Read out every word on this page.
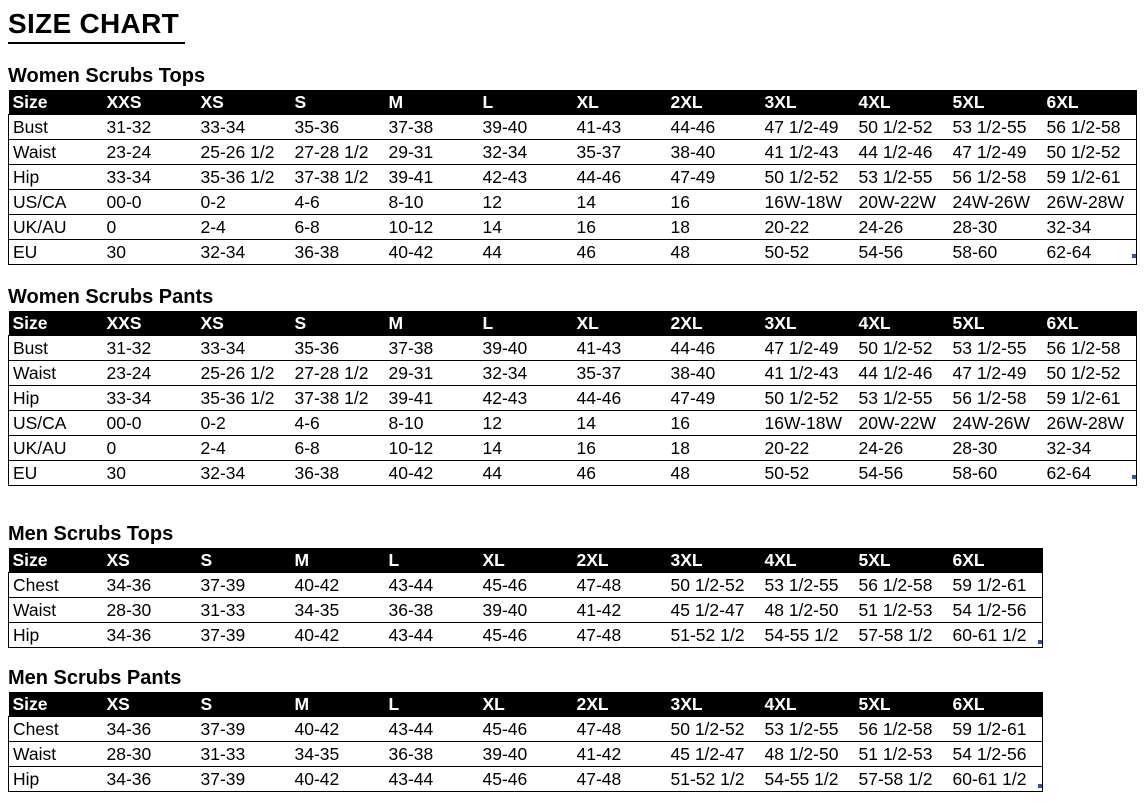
SIZE CHART
Women Scrubs Tops
Size	XXS	XS	S	M	L	XL	2XL	3XL	4XL	5XL	6XL
Bust	31-32	33-34	35-36	37-38	39-40	41-43	44-46	47 1/2-49	50 1/2-52	53 1/2-55	56 1/2-58
Waist	23-24	25-26 1/2	27-28 1/2	29-31	32-34	35-37	38-40	41 1/2-43	44 1/2-46	47 1/2-49	50 1/2-52
Hip	33-34	35-36 1/2	37-38 1/2	39-41	42-43	44-46	47-49	50 1/2-52	53 1/2-55	56 1/2-58	59 1/2-61
US/CA	00-0	0-2	4-6	8-10	12	14	16	16W-18W	20W-22W	24W-26W	26W-28W
UK/AU	0	2-4	6-8	10-12	14	16	18	20-22	24-26	28-30	32-34
EU	30	32-34	36-38	40-42	44	46	48	50-52	54-56	58-60	62-64
Women Scrubs Pants
Size	XXS	XS	S	M	L	XL	2XL	3XL	4XL	5XL	6XL
Bust	31-32	33-34	35-36	37-38	39-40	41-43	44-46	47 1/2-49	50 1/2-52	53 1/2-55	56 1/2-58
Waist	23-24	25-26 1/2	27-28 1/2	29-31	32-34	35-37	38-40	41 1/2-43	44 1/2-46	47 1/2-49	50 1/2-52
Hip	33-34	35-36 1/2	37-38 1/2	39-41	42-43	44-46	47-49	50 1/2-52	53 1/2-55	56 1/2-58	59 1/2-61
US/CA	00-0	0-2	4-6	8-10	12	14	16	16W-18W	20W-22W	24W-26W	26W-28W
UK/AU	0	2-4	6-8	10-12	14	16	18	20-22	24-26	28-30	32-34
EU	30	32-34	36-38	40-42	44	46	48	50-52	54-56	58-60	62-64
Men Scrubs Tops
Size	XS	S	M	L	XL	2XL	3XL	4XL	5XL	6XL
Chest	34-36	37-39	40-42	43-44	45-46	47-48	50 1/2-52	53 1/2-55	56 1/2-58	59 1/2-61
Waist	28-30	31-33	34-35	36-38	39-40	41-42	45 1/2-47	48 1/2-50	51 1/2-53	54 1/2-56
Hip	34-36	37-39	40-42	43-44	45-46	47-48	51-52 1/2	54-55 1/2	57-58 1/2	60-61 1/2
Men Scrubs Pants
Size	XS	S	M	L	XL	2XL	3XL	4XL	5XL	6XL
Chest	34-36	37-39	40-42	43-44	45-46	47-48	50 1/2-52	53 1/2-55	56 1/2-58	59 1/2-61
Waist	28-30	31-33	34-35	36-38	39-40	41-42	45 1/2-47	48 1/2-50	51 1/2-53	54 1/2-56
Hip	34-36	37-39	40-42	43-44	45-46	47-48	51-52 1/2	54-55 1/2	57-58 1/2	60-61 1/2
